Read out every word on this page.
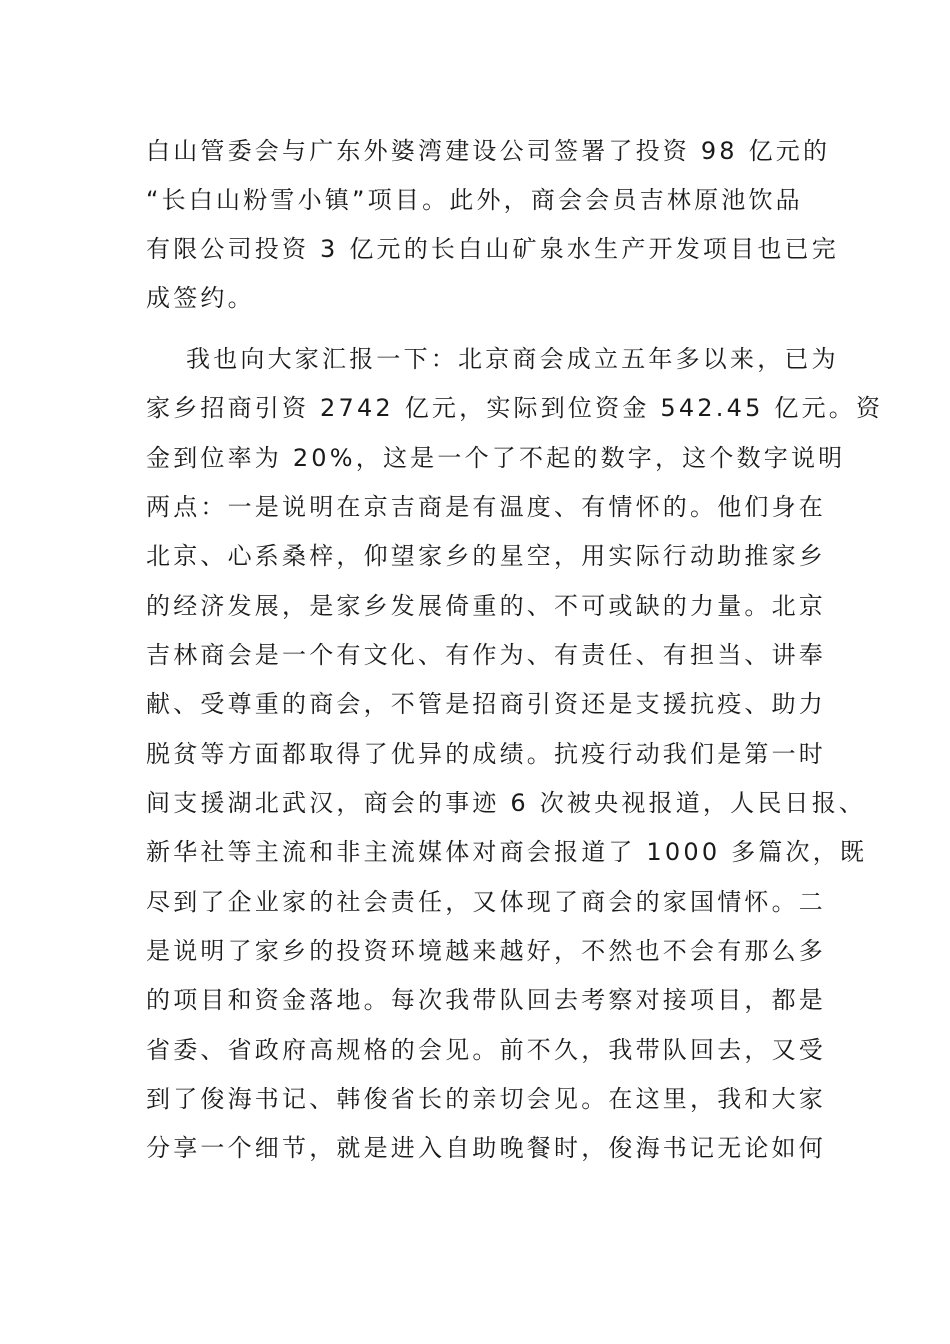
白山管委会与广东外婆湾建设公司签署了投资 98 亿元的
“长白山粉雪小镇”项目。此外，商会会员吉林原池饮品
有限公司投资 3 亿元的长白山矿泉水生产开发项目也已完
成签约。
我也向大家汇报一下：北京商会成立五年多以来，已为
家乡招商引资 2742 亿元，实际到位资金 542.45 亿元。资
金到位率为 20%，这是一个了不起的数字，这个数字说明
两点：一是说明在京吉商是有温度、有情怀的。他们身在
北京、心系桑梓，仰望家乡的星空，用实际行动助推家乡
的经济发展，是家乡发展倚重的、不可或缺的力量。北京
吉林商会是一个有文化、有作为、有责任、有担当、讲奉
献、受尊重的商会，不管是招商引资还是支援抗疫、助力
脱贫等方面都取得了优异的成绩。抗疫行动我们是第一时
间支援湖北武汉，商会的事迹 6 次被央视报道，人民日报、
新华社等主流和非主流媒体对商会报道了 1000 多篇次，既
尽到了企业家的社会责任，又体现了商会的家国情怀。二
是说明了家乡的投资环境越来越好，不然也不会有那么多
的项目和资金落地。每次我带队回去考察对接项目，都是
省委、省政府高规格的会见。前不久，我带队回去，又受
到了俊海书记、韩俊省长的亲切会见。在这里，我和大家
分享一个细节，就是进入自助晚餐时，俊海书记无论如何
